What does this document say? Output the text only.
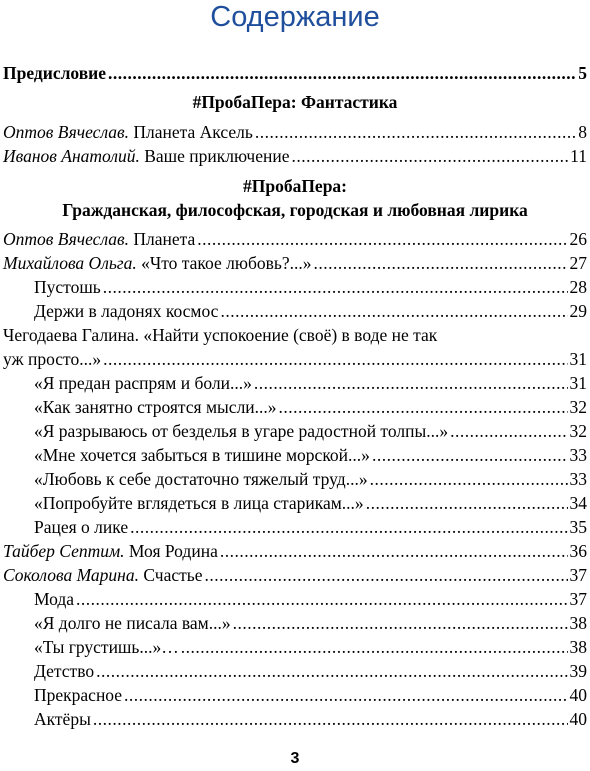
Содержание
Предисловие .....	5
#ПробаПера: Фантастика
Оптов Вячеслав. Планета Аксель .....	8
Иванов Анатолий. Ваше приключение .....	11
#ПробаПера:
Гражданская, философская, городская и любовная лирика
Оптов Вячеслав. Планета .....	26
Михайлова Ольга. «Что такое любовь?...» .....	27
Пустошь .....	28
Держи в ладонях космос .....	29
Чегодаева Галина. «Найти успокоение (своё) в воде не так
уж просто...» .....	31
«Я предан распрям и боли...» .....	31
«Как занятно строятся мысли...» .....	32
«Я разрываюсь от безделья в угаре радостной толпы...» .....	32
«Мне хочется забыться в тишине морской...» .....	33
«Любовь к себе достаточно тяжелый труд...» .....	33
«Попробуйте вглядеться в лица старикам...» .....	34
Рацея о лике .....	35
Тайбер Септим. Моя Родина .....	36
Соколова Марина. Счастье .....	37
Мода .....	37
«Я долго не писала вам...» .....	38
«Ты грустишь...»… .....	38
Детство .....	39
Прекрасное .....	40
Актёры .....	40
3
